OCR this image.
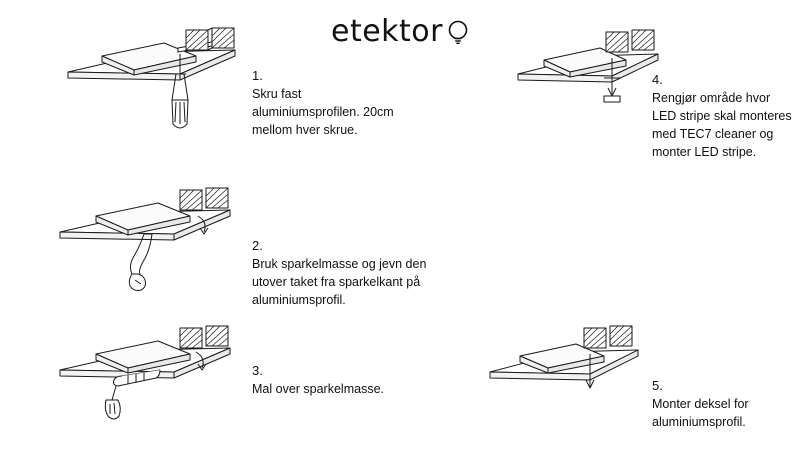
etektor
1.
Skru fast aluminiumsprofilen. 20cm mellom hver skrue.
2.
Bruk sparkelmasse og jevn den utover taket fra sparkelkant på aluminiumsprofil.
3.
Mal over sparkelmasse.
4.
Rengjør område hvor LED stripe skal monteres med TEC7 cleaner og monter LED stripe.
5.
Monter deksel for aluminiumsprofil.
